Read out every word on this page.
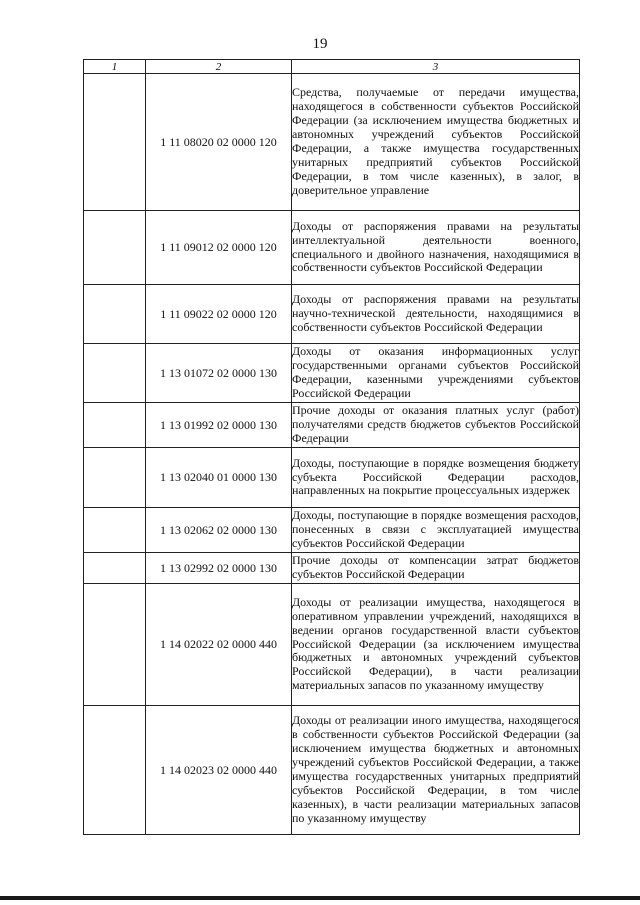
19
1	2	3
	1 11 08020 02 0000 120	Средства, получаемые от передачи имущества, находящегося в собственности субъектов Российской Федерации (за исключением имущества бюджетных и автономных учреждений субъектов Российской Федерации, а также имущества государственных унитарных предприятий субъектов Российской Федерации, в том числе казенных), в залог, в доверительное управление
	1 11 09012 02 0000 120	Доходы от распоряжения правами на результаты интеллектуальной деятельности военного, специального и двойного назначения, находящимися в собственности субъектов Российской Федерации
	1 11 09022 02 0000 120	Доходы от распоряжения правами на результаты научно-технической деятельности, находящимися в собственности субъектов Российской Федерации
	1 13 01072 02 0000 130	Доходы от оказания информационных услуг государственными органами субъектов Российской Федерации, казенными учреждениями субъектов Российской Федерации
	1 13 01992 02 0000 130	Прочие доходы от оказания платных услуг (работ) получателями средств бюджетов субъектов Российской Федерации
	1 13 02040 01 0000 130	Доходы, поступающие в порядке возмещения бюджету субъекта Российской Федерации расходов, направленных на покрытие процессуальных издержек
	1 13 02062 02 0000 130	Доходы, поступающие в порядке возмещения расходов, понесенных в связи с эксплуатацией имущества субъектов Российской Федерации
	1 13 02992 02 0000 130	Прочие доходы от компенсации затрат бюджетов субъектов Российской Федерации
	1 14 02022 02 0000 440	Доходы от реализации имущества, находящегося в оперативном управлении учреждений, находящихся в ведении органов государственной власти субъектов Российской Федерации (за исключением имущества бюджетных и автономных учреждений субъектов Российской Федерации), в части реализации материальных запасов по указанному имуществу
	1 14 02023 02 0000 440	Доходы от реализации иного имущества, находящегося в собственности субъектов Российской Федерации (за исключением имущества бюджетных и автономных учреждений субъектов Российской Федерации, а также имущества государственных унитарных предприятий субъектов Российской Федерации, в том числе казенных), в части реализации материальных запасов по указанному имуществу
